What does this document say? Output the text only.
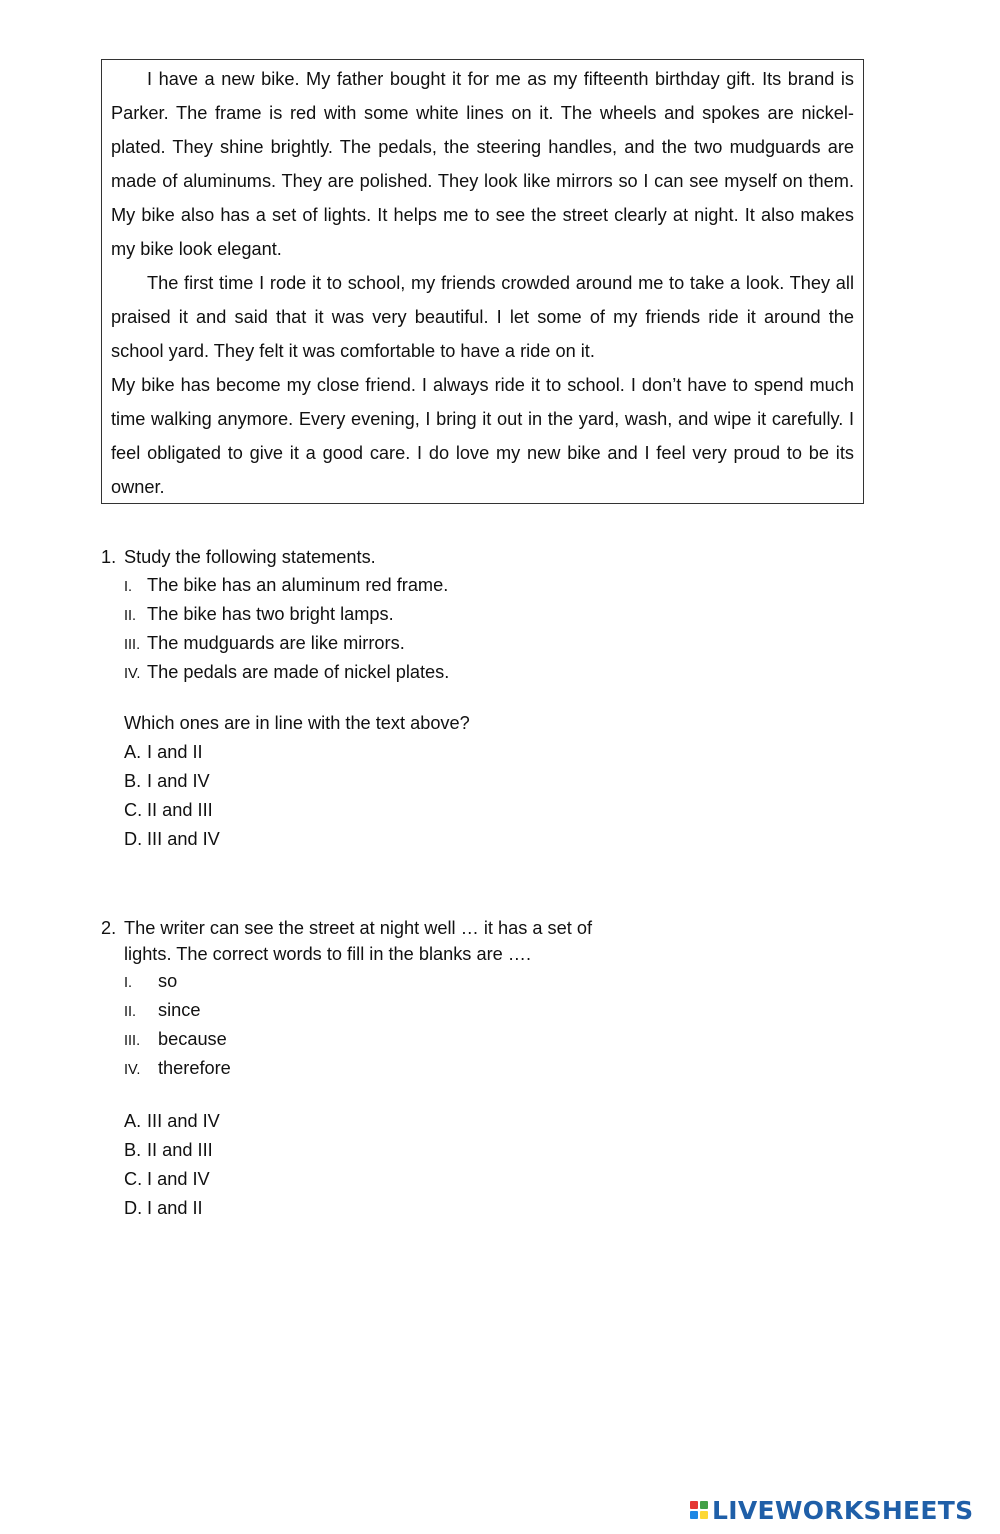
I have a new bike. My father bought it for me as my fifteenth birthday gift. Its brand is Parker. The frame is red with some white lines on it. The wheels and spokes are nickel-plated. They shine brightly. The pedals, the steering handles, and the two mudguards are made of aluminums. They are polished. They look like mirrors so I can see myself on them. My bike also has a set of lights. It helps me to see the street clearly at night. It also makes my bike look elegant.

The first time I rode it to school, my friends crowded around me to take a look. They all praised it and said that it was very beautiful. I let some of my friends ride it around the school yard. They felt it was comfortable to have a ride on it.

My bike has become my close friend. I always ride it to school. I don’t have to spend much time walking anymore. Every evening, I bring it out in the yard, wash, and wipe it carefully. I feel obligated to give it a good care. I do love my new bike and I feel very proud to be its owner.

1. Study the following statements.
I. The bike has an aluminum red frame.
II. The bike has two bright lamps.
III. The mudguards are like mirrors.
IV. The pedals are made of nickel plates.
Which ones are in line with the text above?
A. I and II
B. I and IV
C. II and III
D. III and IV
2. The writer can see the street at night well … it has a set of
lights. The correct words to fill in the blanks are ….
I.	so
II.	since
III. because
IV. therefore
A. III and IV
B. II and III
C. I and IV
D. I and II
LIVEWORKSHEETS
